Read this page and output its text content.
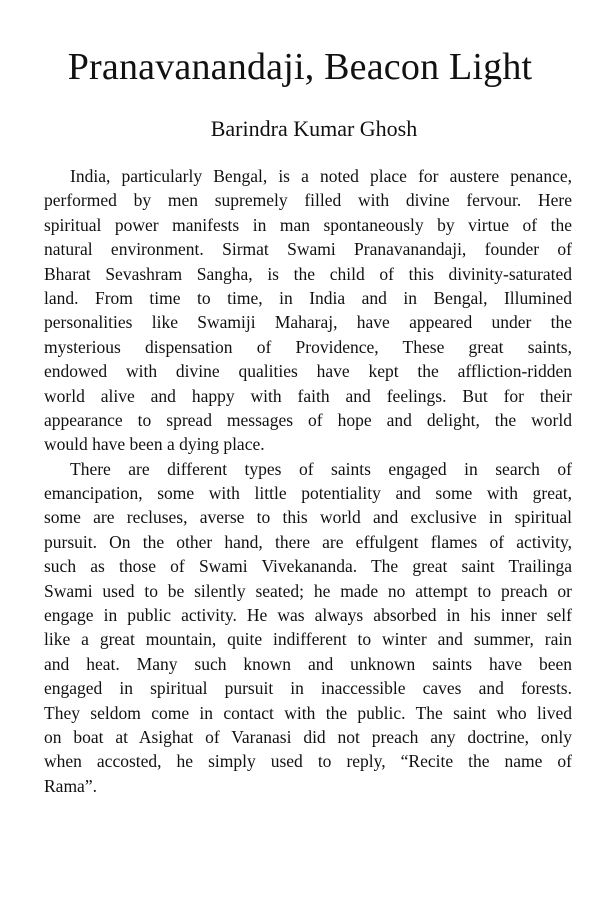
Pranavanandaji, Beacon Light
Barindra Kumar Ghosh
India, particularly Bengal, is a noted place for austere penance,
performed by men supremely filled with divine fervour. Here
spiritual power manifests in man spontaneously by virtue of the
natural environment. Sirmat Swami Pranavanandaji, founder of
Bharat Sevashram Sangha, is the child of this divinity-saturated
land. From time to time, in India and in Bengal, Illumined
personalities like Swamiji Maharaj, have appeared under the
mysterious dispensation of Providence, These great saints,
endowed with divine qualities have kept the affliction-ridden
world alive and happy with faith and feelings. But for their
appearance to spread messages of hope and delight, the world
would have been a dying place.
There are different types of saints engaged in search of
emancipation, some with little potentiality and some with great,
some are recluses, averse to this world and exclusive in spiritual
pursuit. On the other hand, there are effulgent flames of activity,
such as those of Swami Vivekananda. The great saint Trailinga
Swami used to be silently seated; he made no attempt to preach or
engage in public activity. He was always absorbed in his inner self
like a great mountain, quite indifferent to winter and summer, rain
and heat. Many such known and unknown saints have been
engaged in spiritual pursuit in inaccessible caves and forests.
They seldom come in contact with the public. The saint who lived
on boat at Asighat of Varanasi did not preach any doctrine, only
when accosted, he simply used to reply, “Recite the name of
Rama”.
